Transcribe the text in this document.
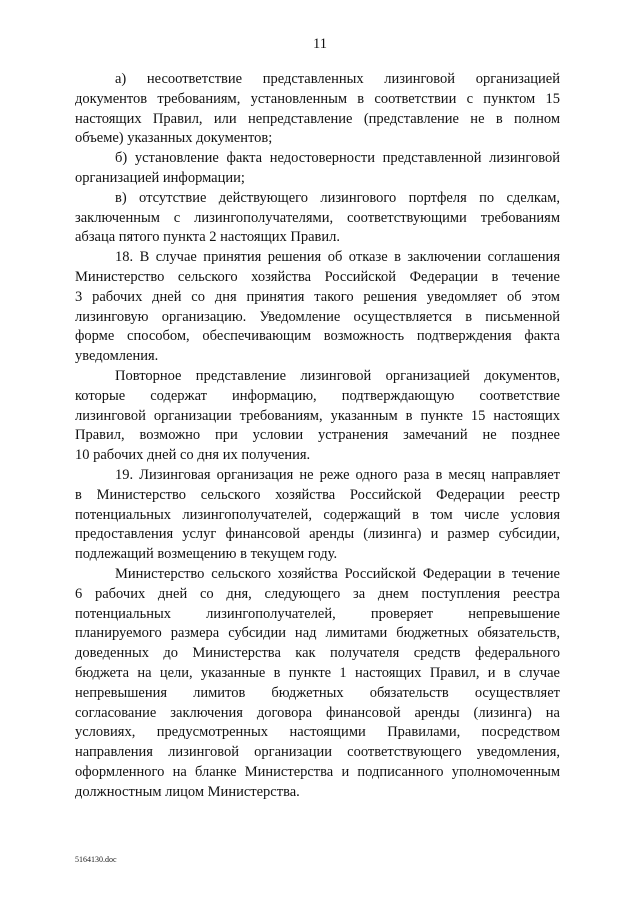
11
а) несоответствие представленных лизинговой организацией
документов требованиям, установленным в соответствии с пунктом 15
настоящих Правил, или непредставление (представление не в полном
объеме) указанных документов;
б) установление факта недостоверности представленной лизинговой
организацией информации;
в) отсутствие действующего лизингового портфеля по сделкам,
заключенным с лизингополучателями, соответствующими требованиям
абзаца пятого пункта 2 настоящих Правил.
18. В случае принятия решения об отказе в заключении соглашения
Министерство сельского хозяйства Российской Федерации в течение
3 рабочих дней со дня принятия такого решения уведомляет об этом
лизинговую организацию. Уведомление осуществляется в письменной
форме способом, обеспечивающим возможность подтверждения факта
уведомления.
Повторное представление лизинговой организацией документов,
которые содержат информацию, подтверждающую соответствие
лизинговой организации требованиям, указанным в пункте 15 настоящих
Правил, возможно при условии устранения замечаний не позднее
10 рабочих дней со дня их получения.
19. Лизинговая организация не реже одного раза в месяц направляет
в Министерство сельского хозяйства Российской Федерации реестр
потенциальных лизингополучателей, содержащий в том числе условия
предоставления услуг финансовой аренды (лизинга) и размер субсидии,
подлежащий возмещению в текущем году.
Министерство сельского хозяйства Российской Федерации в течение
6 рабочих дней со дня, следующего за днем поступления реестра
потенциальных лизингополучателей, проверяет непревышение
планируемого размера субсидии над лимитами бюджетных обязательств,
доведенных до Министерства как получателя средств федерального
бюджета на цели, указанные в пункте 1 настоящих Правил, и в случае
непревышения лимитов бюджетных обязательств осуществляет
согласование заключения договора финансовой аренды (лизинга) на
условиях, предусмотренных настоящими Правилами, посредством
направления лизинговой организации соответствующего уведомления,
оформленного на бланке Министерства и подписанного уполномоченным
должностным лицом Министерства.
5164130.doc
